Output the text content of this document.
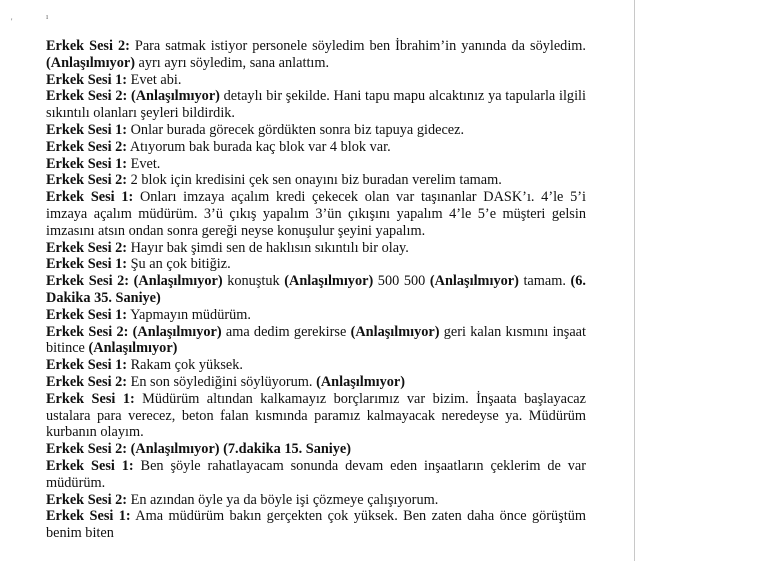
'
ı

Erkek Sesi 2: Para satmak istiyor personele söyledim ben İbrahim’in yanında da söyledim. (Anlaşılmıyor) ayrı ayrı söyledim, sana anlattım.

Erkek Sesi 1: Evet abi.

Erkek Sesi 2: (Anlaşılmıyor) detaylı bir şekilde. Hani tapu mapu alcaktınız ya tapularla ilgili sıkıntılı olanları şeyleri bildirdik.

Erkek Sesi 1: Onlar burada görecek gördükten sonra biz tapuya gidecez.

Erkek Sesi 2: Atıyorum bak burada kaç blok var 4 blok var.

Erkek Sesi 1: Evet.

Erkek Sesi 2: 2 blok için kredisini çek sen onayını biz buradan verelim tamam.

Erkek Sesi 1: Onları imzaya açalım kredi çekecek olan var taşınanlar DASK’ı. 4’le 5’i imzaya açalım müdürüm. 3’ü çıkış yapalım 3’ün çıkışını yapalım 4’le 5’e müşteri gelsin imzasını atsın ondan sonra gereği neyse konuşulur şeyini yapalım.

Erkek Sesi 2: Hayır bak şimdi sen de haklısın sıkıntılı bir olay.

Erkek Sesi 1: Şu an çok bitiğiz.

Erkek Sesi 2: (Anlaşılmıyor) konuştuk (Anlaşılmıyor) 500 500 (Anlaşılmıyor) tamam. (6. Dakika 35. Saniye)

Erkek Sesi 1: Yapmayın müdürüm.

Erkek Sesi 2: (Anlaşılmıyor) ama dedim gerekirse (Anlaşılmıyor) geri kalan kısmını inşaat bitince (Anlaşılmıyor)

Erkek Sesi 1: Rakam çok yüksek.

Erkek Sesi 2: En son söylediğini söylüyorum. (Anlaşılmıyor)

Erkek Sesi 1: Müdürüm altından kalkamayız borçlarımız var bizim. İnşaata başlayacaz ustalara para verecez, beton falan kısmında paramız kalmayacak neredeyse ya. Müdürüm kurbanın olayım.

Erkek Sesi 2: (Anlaşılmıyor) (7.dakika 15. Saniye)

Erkek Sesi 1: Ben şöyle rahatlayacam sonunda devam eden inşaatların çeklerim de var müdürüm.

Erkek Sesi 2: En azından öyle ya da böyle işi çözmeye çalışıyorum.

Erkek Sesi 1: Ama müdürüm bakın gerçekten çok yüksek. Ben zaten daha önce görüştüm benim biten
